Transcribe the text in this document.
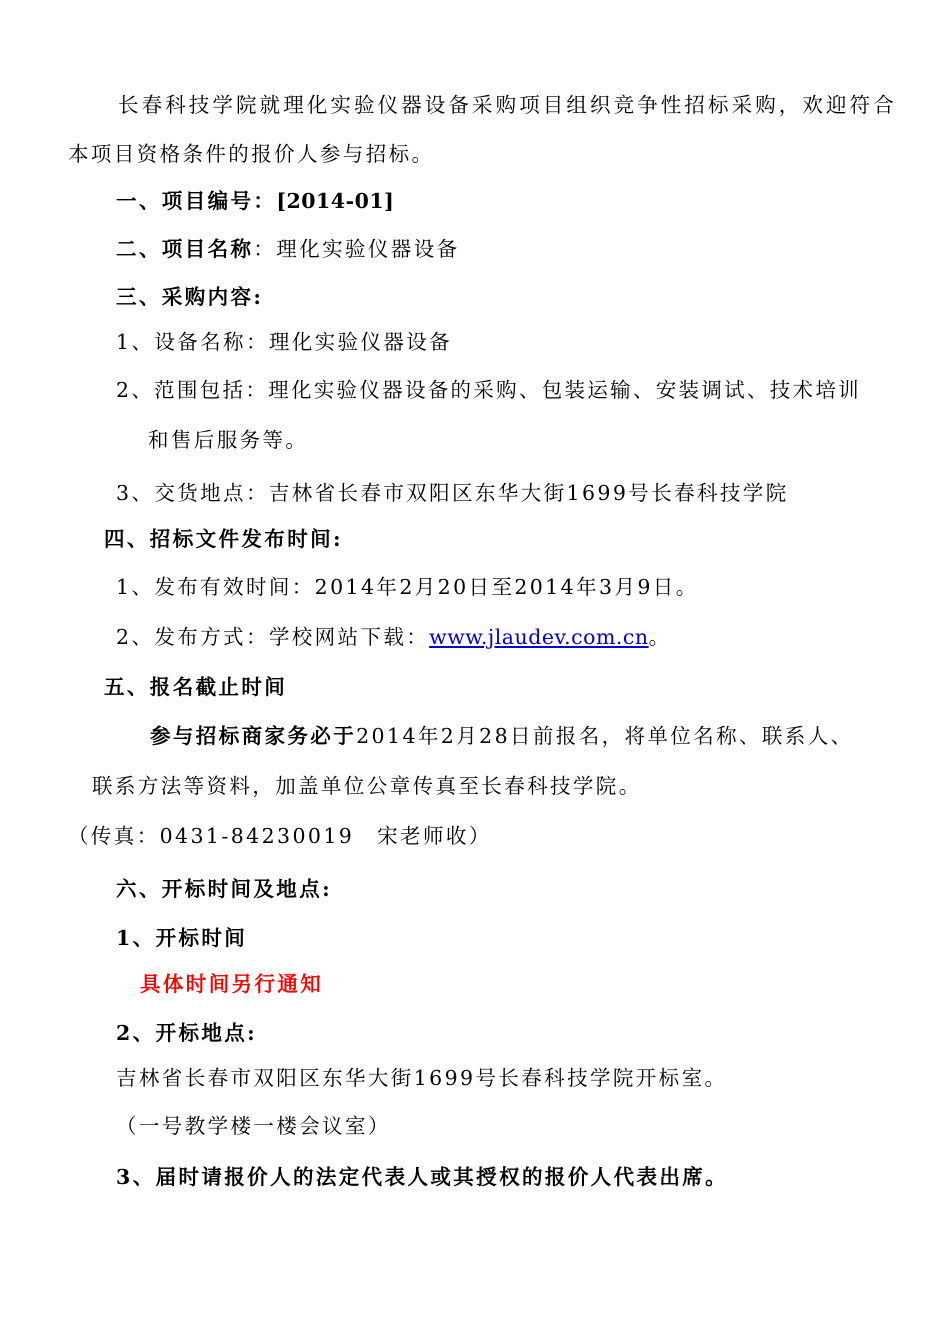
长春科技学院就理化实验仪器设备采购项目组织竞争性招标采购，欢迎符合
本项目资格条件的报价人参与招标。
一、项目编号：[2014-01]
二、项目名称：理化实验仪器设备
三、采购内容:
1、设备名称：理化实验仪器设备
2、范围包括：理化实验仪器设备的采购、包装运输、安装调试、技术培训
和售后服务等。
3、交货地点：吉林省长春市双阳区东华大街1699号长春科技学院
四、招标文件发布时间:
1、发布有效时间：2014年2月20日至2014年3月9日。
2、发布方式：学校网站下载：www.jlaudev.com.cn。
五、报名截止时间
参与招标商家务必于2014年2月28日前报名，将单位名称、联系人、
联系方法等资料，加盖单位公章传真至长春科技学院。
（传真：0431-84230019　宋老师收）
六、开标时间及地点:
1、开标时间
具体时间另行通知
2、开标地点:
吉林省长春市双阳区东华大街1699号长春科技学院开标室。
（一号教学楼一楼会议室）
3、届时请报价人的法定代表人或其授权的报价人代表出席。
